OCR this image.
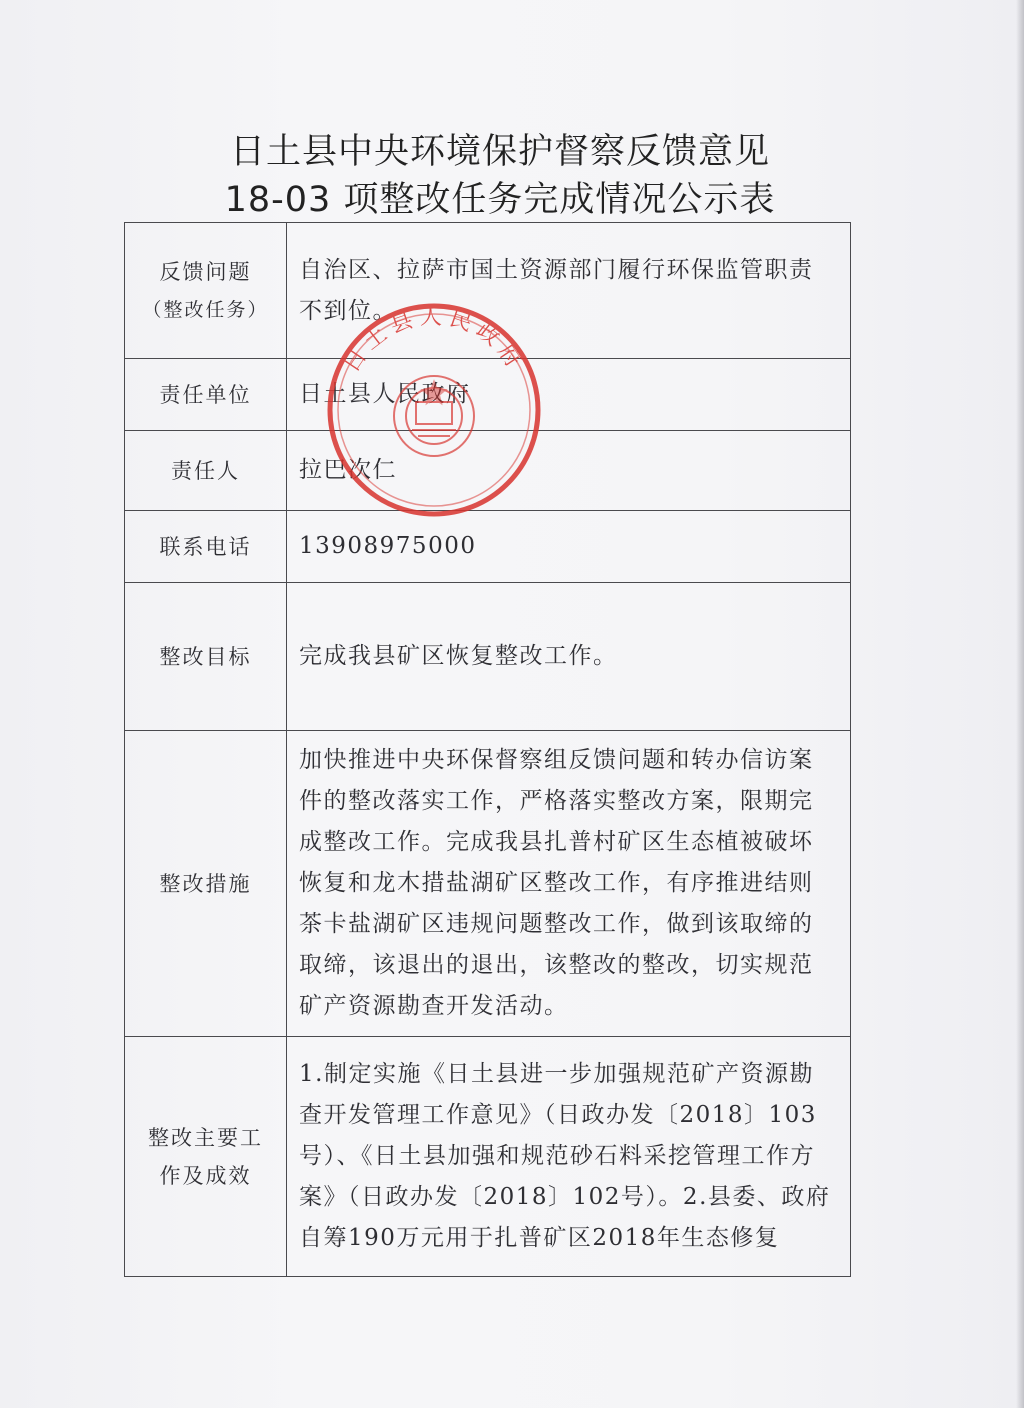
日土县中央环境保护督察反馈意见
18-03 项整改任务完成情况公示表
反馈问题
（整改任务）	自治区、拉萨市国土资源部门履行环保监管职责不到位。
责任单位	日土县人民政府
责任人	拉巴次仁
联系电话	13908975000
整改目标	完成我县矿区恢复整改工作。
整改措施	加快推进中央环保督察组反馈问题和转办信访案件的整改落实工作，严格落实整改方案，限期完成整改工作。完成我县扎普村矿区生态植被破坏恢复和龙木措盐湖矿区整改工作，有序推进结则茶卡盐湖矿区违规问题整改工作，做到该取缔的取缔，该退出的退出，该整改的整改，切实规范矿产资源勘查开发活动。
整改主要工作及成效	1.制定实施《日土县进一步加强规范矿产资源勘查开发管理工作意见》（日政办发〔2018〕103号）、《日土县加强和规范砂石料采挖管理工作方案》（日政办发〔2018〕102号）。2.县委、政府自筹190万元用于扎普矿区2018年生态修复
日土县人民政府
